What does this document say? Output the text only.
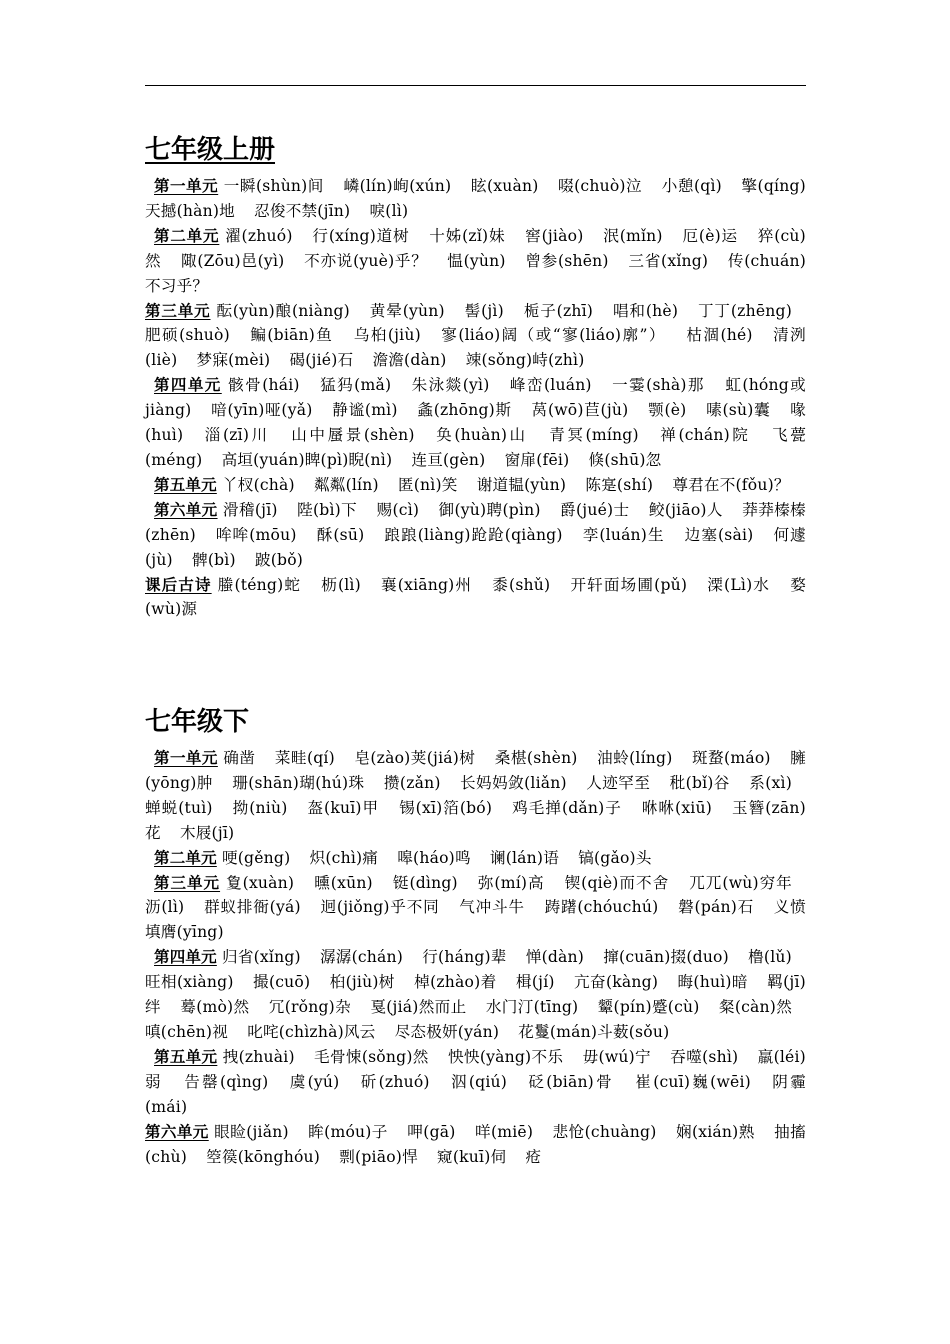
七年级上册

第一单元 一瞬(shùn)间 嶙(lín)峋(xún) 眩(xuàn) 啜(chuò)泣 小憩(qì) 擎(qíng)天撼(hàn)地 忍俊不禁(jīn) 唳(lì)

第二单元 濯(zhuó) 行(xíng)道树 十姊(zǐ)妹 窖(jiào) 泯(mǐn) 厄(è)运 猝(cù)然 陬(Zōu)邑(yì) 不亦说(yuè)乎？ 愠(yùn) 曾参(shēn) 三省(xǐng) 传(chuán)不习乎？

第三单元 酝(yùn)酿(niàng) 黄晕(yùn) 髻(jì) 栀子(zhī) 唱和(hè) 丁丁(zhēng) 肥硕(shuò) 鳊(biān)鱼 乌桕(jiù) 寥(liáo)阔（或“寥(liáo)廓”） 枯涸(hé) 清洌(liè) 梦寐(mèi) 碣(jié)石 澹澹(dàn) 竦(sǒng)峙(zhì)

第四单元 骸骨(hái) 猛犸(mǎ) 朱泳燚(yì) 峰峦(luán) 一霎(shà)那 虹(hóng或 jiàng) 喑(yīn)哑(yǎ) 静谧(mì) 螽(zhōng)斯 莴(wō)苣(jù) 颚(è) 嗉(sù)囊 喙(huì) 淄(zī)川 山中蜃景(shèn) 奂(huàn)山 青冥(míng) 禅(chán)院 飞甍(méng) 高垣(yuán)睥(pì)睨(nì) 连亘(gèn) 窗扉(fēi) 倏(shū)忽

第五单元 丫杈(chà) 粼粼(lín) 匿(nì)笑 谢道韫(yùn) 陈寔(shí) 尊君在不(fǒu)？

第六单元 滑稽(jī) 陛(bì)下 赐(cì) 御(yù)聘(pìn) 爵(jué)士 鲛(jiāo)人 莽莽榛榛(zhēn) 哞哞(mōu) 酥(sū) 踉踉(liàng)跄跄(qiàng) 孪(luán)生 边塞(sài) 何遽(jù) 髀(bì) 跛(bǒ)

课后古诗 螣(téng)蛇 枥(lì) 襄(xiāng)州 黍(shǔ) 开轩面场圃(pǔ) 溧(Lì)水 婺(wù)源

七年级下

第一单元 确凿 菜畦(qí) 皂(zào)荚(jiá)树 桑椹(shèn) 油蛉(líng) 斑蝥(máo) 臃(yōng)肿 珊(shān)瑚(hú)珠 攒(zǎn) 长妈妈敛(liǎn) 人迹罕至 秕(bǐ)谷 系(xì) 蝉蜕(tuì) 拗(niù) 盔(kuī)甲 锡(xī)箔(bó) 鸡毛掸(dǎn)子 咻咻(xiū) 玉簪(zān)花 木屐(jī)

第二单元 哽(gěng) 炽(chì)痛 嗥(háo)鸣 谰(lán)语 镐(gǎo)头

第三单元 夐(xuàn) 曛(xūn) 铤(dìng) 弥(mí)高 锲(qiè)而不舍 兀兀(wù)穷年 沥(lì) 群蚁排衙(yá) 迥(jiǒng)乎不同 气冲斗牛 踌躇(chóuchú) 磐(pán)石 义愤填膺(yīng)

第四单元 归省(xǐng) 潺潺(chán) 行(háng)辈 惮(dàn) 撺(cuān)掇(duo) 橹(lǔ) 旺相(xiàng) 撮(cuō) 桕(jiù)树 棹(zhào)着 楫(jí) 亢奋(kàng) 晦(huì)暗 羁(jī)绊 蓦(mò)然 冗(rǒng)杂 戛(jiá)然而止 水门汀(tīng) 颦(pín)蹙(cù) 粲(càn)然 嗔(chēn)视 叱咤(chìzhà)风云 尽态极妍(yán) 花鬘(mán)斗薮(sǒu)

第五单元 拽(zhuài) 毛骨悚(sǒng)然 怏怏(yàng)不乐 毋(wú)宁 吞噬(shì) 羸(léi)弱 告罄(qìng) 虞(yú) 斫(zhuó) 泅(qiú) 砭(biān)骨 崔(cuī)巍(wēi) 阴霾(mái)

第六单元 眼睑(jiǎn) 眸(móu)子 呷(gā) 咩(miē) 悲怆(chuàng) 娴(xián)熟 抽搐(chù) 箜篌(kōnghóu) 剽(piāo)悍 窥(kuī)伺 疮
